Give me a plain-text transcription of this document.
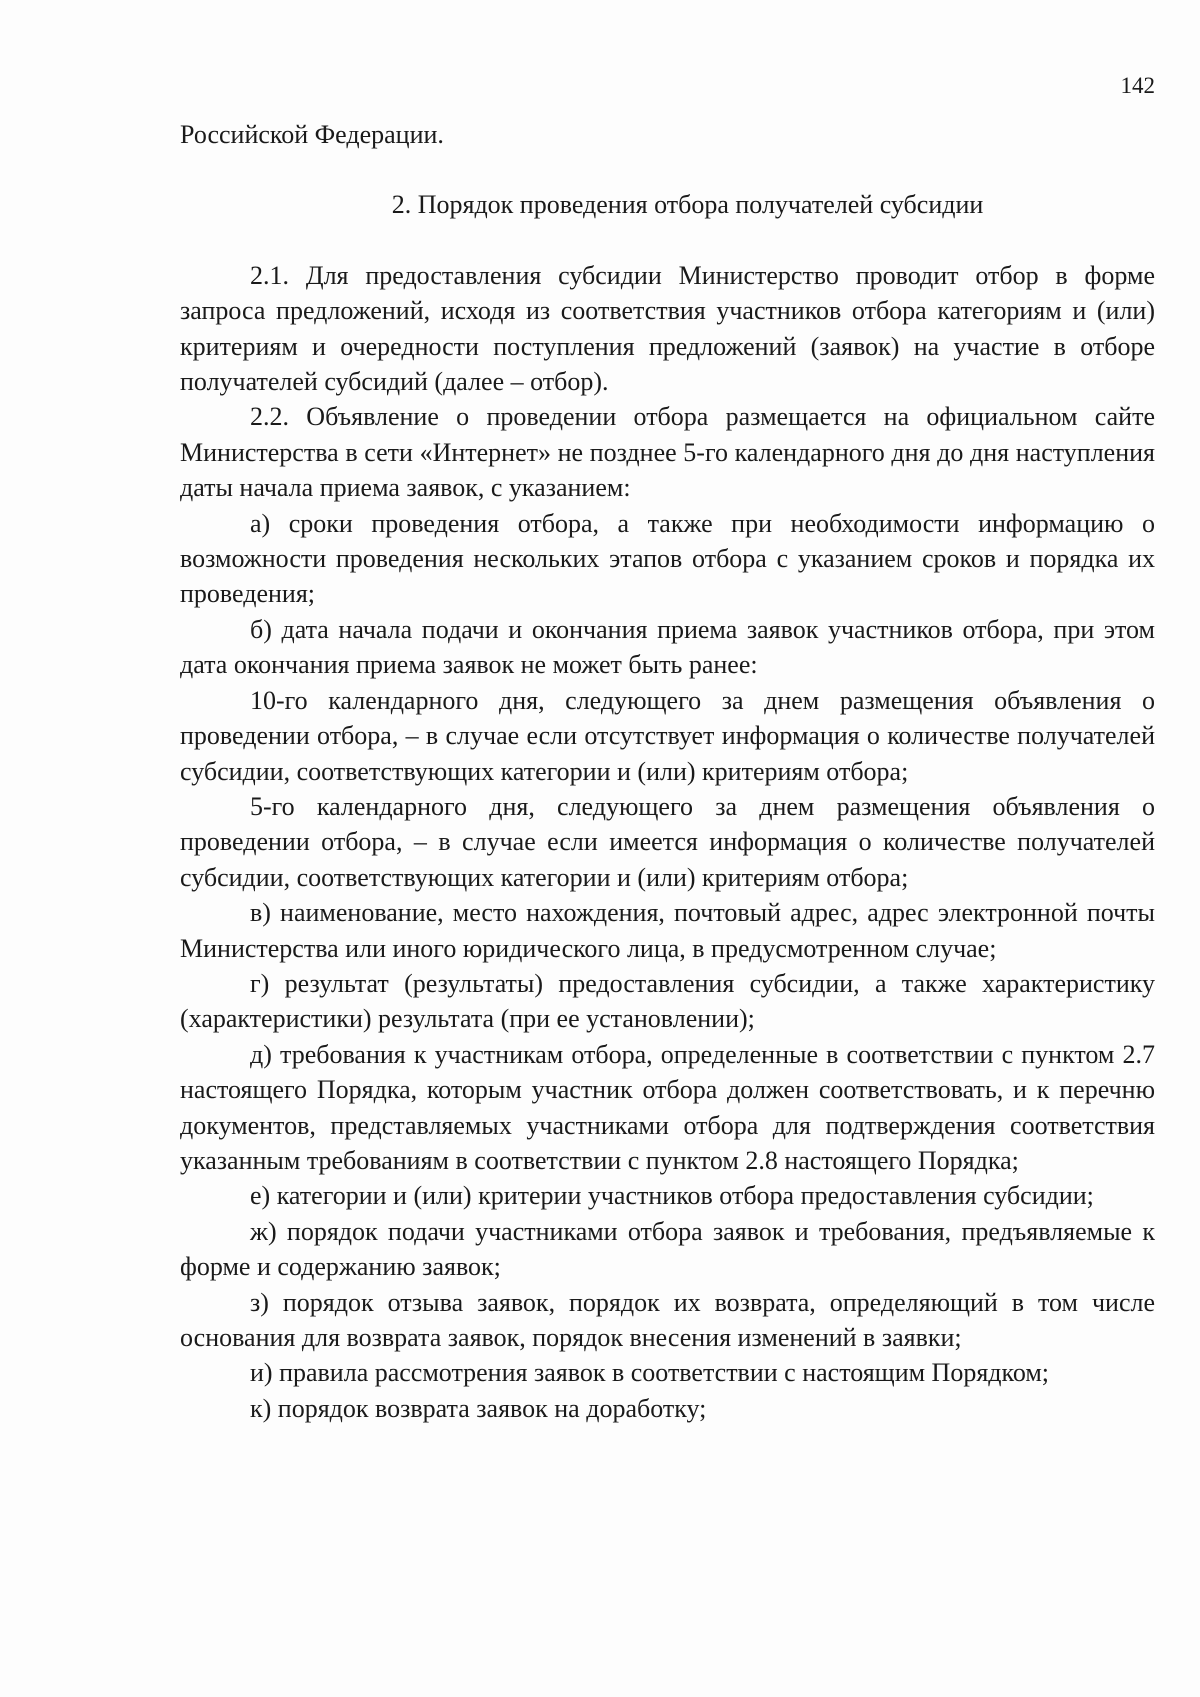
142

Российской Федерации.

2. Порядок проведения отбора получателей субсидии

2.1. Для предоставления субсидии Министерство проводит отбор в форме запроса предложений, исходя из соответствия участников отбора категориям и (или) критериям и очередности поступления предложений (заявок) на участие в отборе получателей субсидий (далее – отбор).

2.2. Объявление о проведении отбора размещается на официальном сайте Министерства в сети «Интернет» не позднее 5-го календарного дня до дня наступления даты начала приема заявок, с указанием:

а) сроки проведения отбора, а также при необходимости информацию о возможности проведения нескольких этапов отбора с указанием сроков и порядка их проведения;

б) дата начала подачи и окончания приема заявок участников отбора, при этом дата окончания приема заявок не может быть ранее:

10-го календарного дня, следующего за днем размещения объявления о проведении отбора, – в случае если отсутствует информация о количестве получателей субсидии, соответствующих категории и (или) критериям отбора;

5-го календарного дня, следующего за днем размещения объявления о проведении отбора, – в случае если имеется информация о количестве получателей субсидии, соответствующих категории и (или) критериям отбора;

в) наименование, место нахождения, почтовый адрес, адрес электронной почты Министерства или иного юридического лица, в предусмотренном случае;

г) результат (результаты) предоставления субсидии, а также характеристику (характеристики) результата (при ее установлении);

д) требования к участникам отбора, определенные в соответствии с пунктом 2.7 настоящего Порядка, которым участник отбора должен соответствовать, и к перечню документов, представляемых участниками отбора для подтверждения соответствия указанным требованиям в соответствии с пунктом 2.8 настоящего Порядка;

е) категории и (или) критерии участников отбора предоставления субсидии;

ж) порядок подачи участниками отбора заявок и требования, предъявляемые к форме и содержанию заявок;

з) порядок отзыва заявок, порядок их возврата, определяющий в том числе основания для возврата заявок, порядок внесения изменений в заявки;

и) правила рассмотрения заявок в соответствии с настоящим Порядком;

к) порядок возврата заявок на доработку;
